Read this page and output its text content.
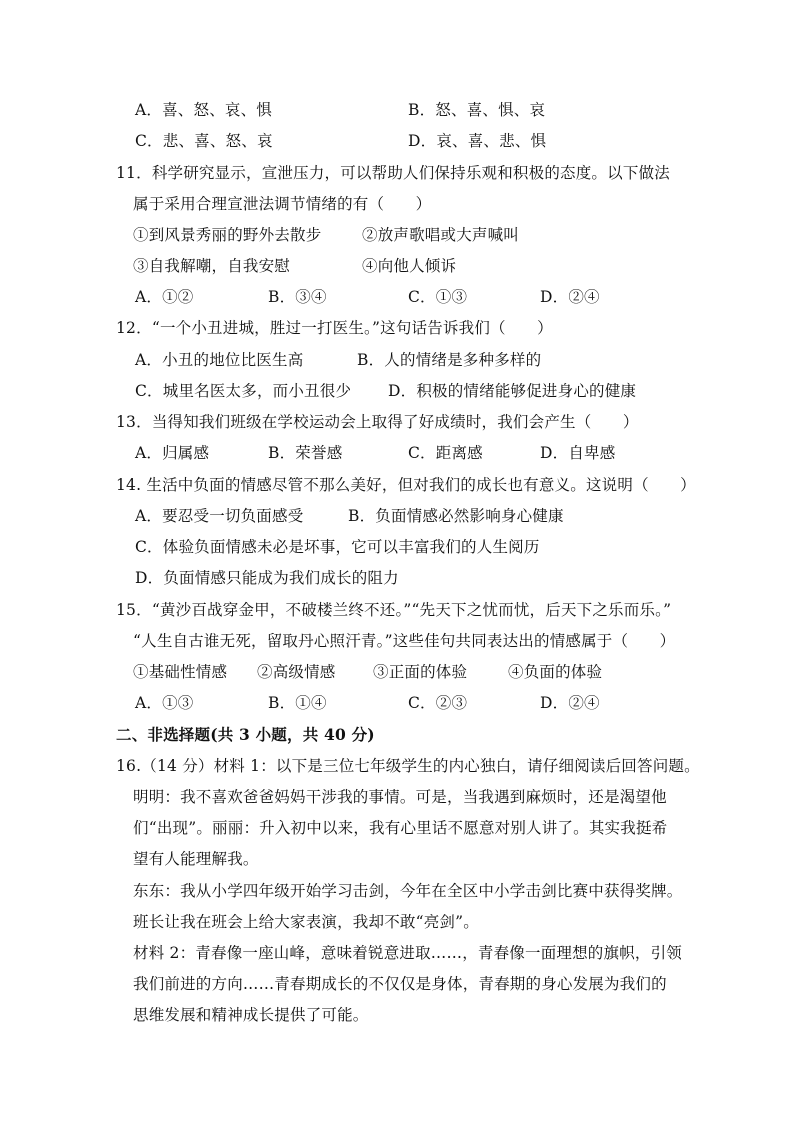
A．喜、怒、哀、惧	B．怒、喜、惧、哀
C．悲、喜、怒、哀	D．哀、喜、悲、惧
11．科学研究显示，宣泄压力，可以帮助人们保持乐观和积极的态度。以下做法
属于采用合理宣泄法调节情绪的有（　　）
①到风景秀丽的野外去散步	②放声歌唱或大声喊叫
③自我解嘲，自我安慰	④向他人倾诉
A．①②	B．③④	C．①③	D．②④
12．“一个小丑进城，胜过一打医生。”这句话告诉我们（　　）
A．小丑的地位比医生高	B．人的情绪是多种多样的
C．城里名医太多，而小丑很少 D．积极的情绪能够促进身心的健康
13．当得知我们班级在学校运动会上取得了好成绩时，我们会产生（　　）
A．归属感	B．荣誉感	C．距离感	D．自卑感
14. 生活中负面的情感尽管不那么美好，但对我们的成长也有意义。这说明（　　）
A．要忍受一切负面感受	B．负面情感必然影响身心健康
C．体验负面情感未必是坏事，它可以丰富我们的人生阅历
D．负面情感只能成为我们成长的阻力
15．“黄沙百战穿金甲，不破楼兰终不还。”“先天下之忧而忧，后天下之乐而乐。”
“人生自古谁无死，留取丹心照汗青。”这些佳句共同表达出的情感属于（　　）
①基础性情感 ②高级情感 ③正面的体验	④负面的体验
A．①③	B．①④	C．②③	D．②④
二、非选择题(共 3 小题，共 40 分)
16.（14 分）材料 1：以下是三位七年级学生的内心独白，请仔细阅读后回答问题。
明明：我不喜欢爸爸妈妈干涉我的事情。可是，当我遇到麻烦时，还是渴望他
们“出现”。丽丽：升入初中以来，我有心里话不愿意对别人讲了。其实我挺希
望有人能理解我。
东东：我从小学四年级开始学习击剑，今年在全区中小学击剑比赛中获得奖牌。
班长让我在班会上给大家表演，我却不敢“亮剑”。
材料 2：青春像一座山峰，意味着锐意进取……，青春像一面理想的旗帜，引领
我们前进的方向……青春期成长的不仅仅是身体，青春期的身心发展为我们的
思维发展和精神成长提供了可能。
